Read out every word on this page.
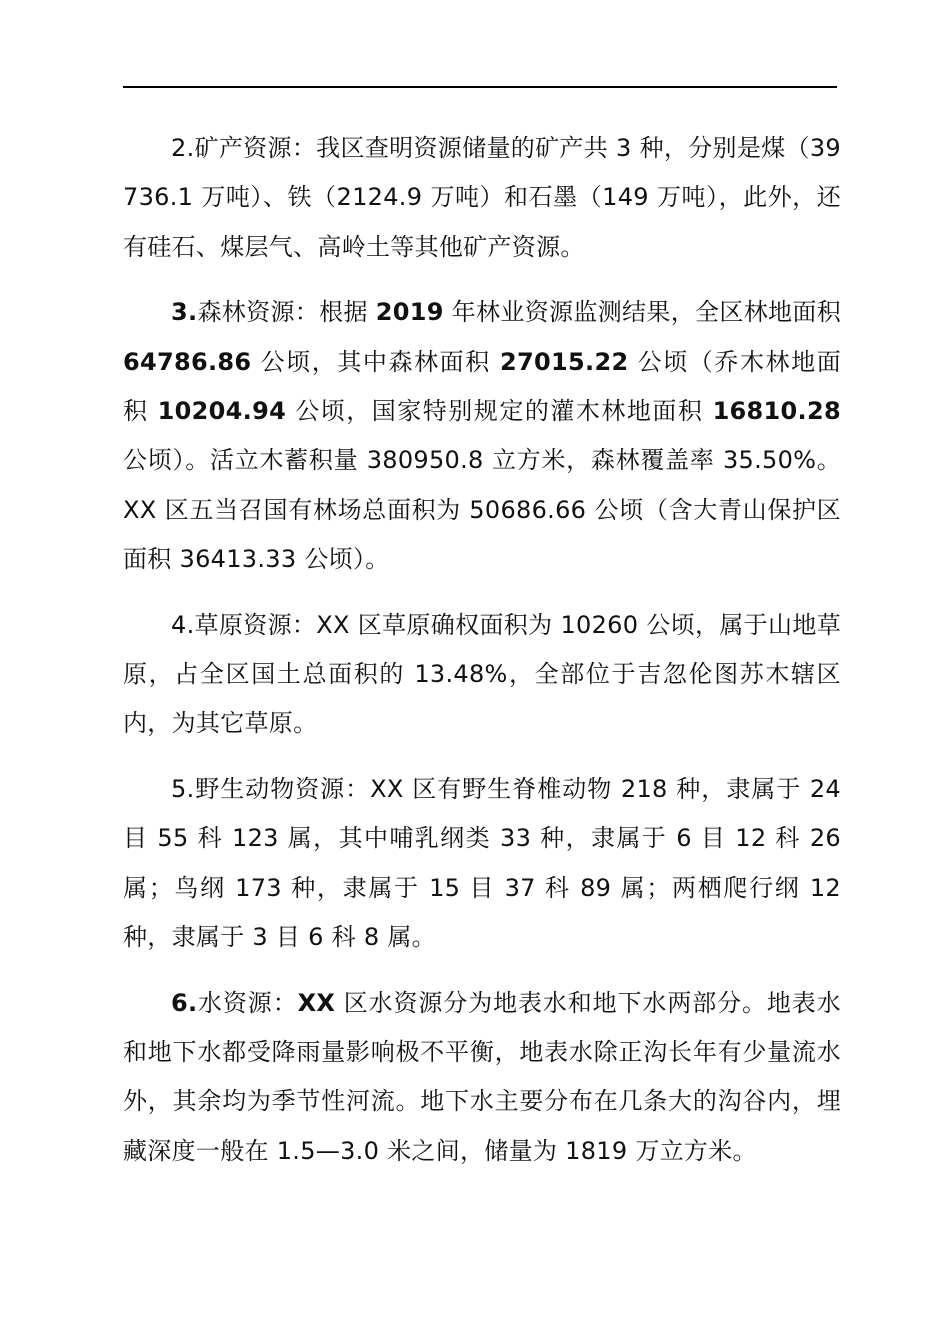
2.矿产资源：我区查明资源储量的矿产共 3 种，分别是煤（39736.1 万吨）、铁（2124.9 万吨）和石墨（149 万吨），此外，还有硅石、煤层气、高岭土等其他矿产资源。

3.森林资源：根据 2019 年林业资源监测结果，全区林地面积 64786.86 公顷，其中森林面积 27015.22 公顷（乔木林地面积 10204.94 公顷，国家特别规定的灌木林地面积 16810.28 公顷）。活立木蓄积量 380950.8 立方米，森林覆盖率 35.50%。XX 区五当召国有林场总面积为 50686.66 公顷（含大青山保护区面积 36413.33 公顷）。

4.草原资源：XX 区草原确权面积为 10260 公顷，属于山地草原，占全区国土总面积的 13.48%，全部位于吉忽伦图苏木辖区内，为其它草原。

5.野生动物资源：XX 区有野生脊椎动物 218 种，隶属于 24 目 55 科 123 属，其中哺乳纲类 33 种，隶属于 6 目 12 科 26 属；鸟纲 173 种，隶属于 15 目 37 科 89 属；两栖爬行纲 12 种，隶属于 3 目 6 科 8 属。

6.水资源：XX 区水资源分为地表水和地下水两部分。地表水和地下水都受降雨量影响极不平衡，地表水除正沟长年有少量流水外，其余均为季节性河流。地下水主要分布在几条大的沟谷内，埋藏深度一般在 1.5—3.0 米之间，储量为 1819 万立方米。
